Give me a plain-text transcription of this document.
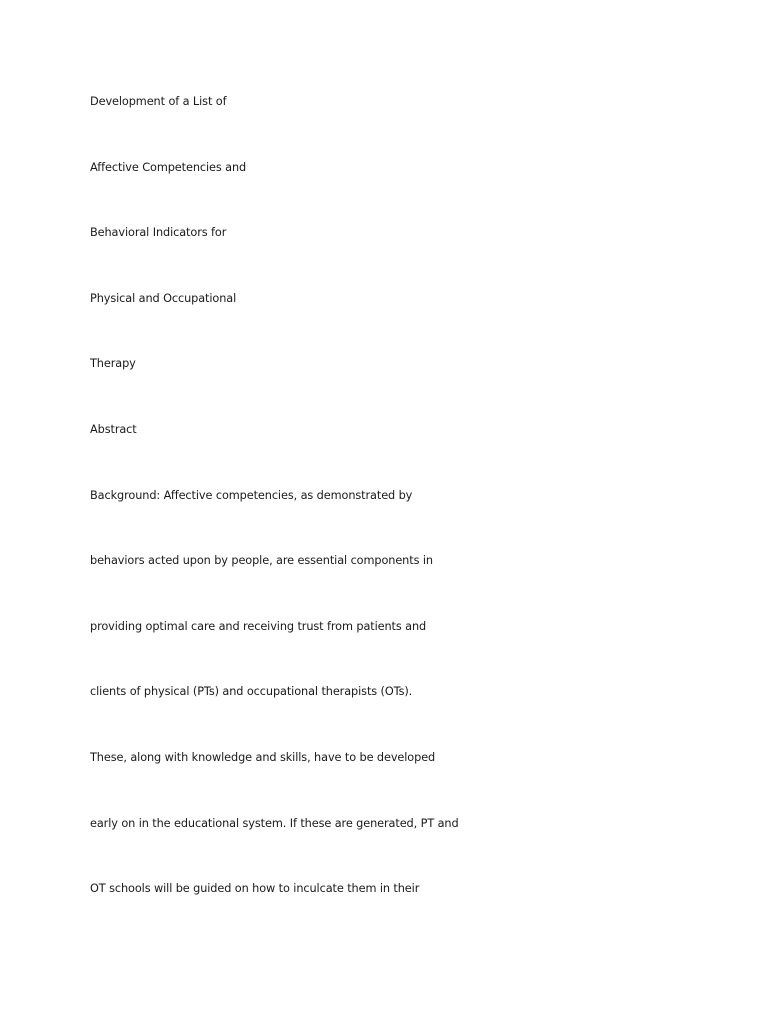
Development of a List of
Affective Competencies and
Behavioral Indicators for
Physical and Occupational
Therapy
Abstract
Background: Affective competencies, as demonstrated by
behaviors acted upon by people, are essential components in
providing optimal care and receiving trust from patients and
clients of physical (PTs) and occupational therapists (OTs).
These, along with knowledge and skills, have to be developed
early on in the educational system. If these are generated, PT and
OT schools will be guided on how to inculcate them in their
